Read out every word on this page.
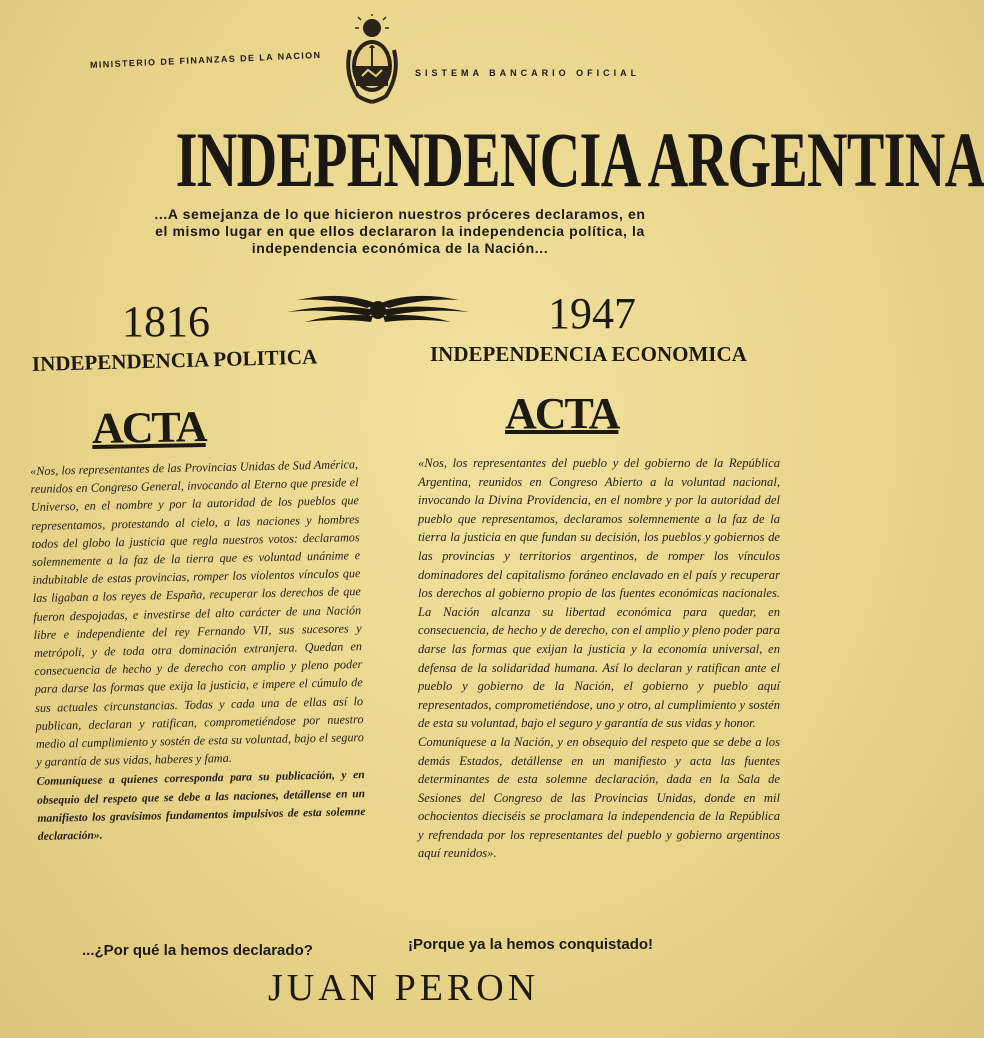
MINISTERIO DE FINANZAS DE LA NACION
SISTEMA BANCARIO OFICIAL
INDEPENDENCIA ARGENTINA
...A semejanza de lo que hicieron nuestros próceres declaramos, en
el mismo lugar en que ellos declararon la independencia política, la
independencia económica de la Nación...
1816	1947
INDEPENDENCIA POLITICA	INDEPENDENCIA ECONOMICA
ACTA	ACTA
«Nos, los representantes de las Provincias Unidas de Sud América, reunidos en Congreso General, invocando al Eterno que preside el Universo, en el nombre y por la autoridad de los pueblos que representamos, protestando al cielo, a las naciones y hombres todos del globo la justicia que regla nuestros votos: declaramos solemnemente a la faz de la tierra que es voluntad unánime e indubitable de estas provincias, romper los violentos vínculos que las ligaban a los reyes de España, recuperar los derechos de que fueron despojadas, e investirse del alto carácter de una Nación libre e independiente del rey Fernando VII, sus sucesores y metrópoli, y de toda otra dominación extranjera. Quedan en consecuencia de hecho y de derecho con amplio y pleno poder para darse las formas que exija la justicia, e impere el cúmulo de sus actuales circunstancias. Todas y cada una de ellas así lo publican, declaran y ratifican, comprometiéndose por nuestro medio al cumplimiento y sostén de esta su voluntad, bajo el seguro y garantía de sus vidas, haberes y fama.
Comuníquese a quienes corresponda para su publicación, y en obsequio del respeto que se debe a las naciones, detállense en un manifiesto los gravísimos fundamentos impulsivos de esta solemne declaración».
«Nos, los representantes del pueblo y del gobierno de la República Argentina, reunidos en Congreso Abierto a la voluntad nacional, invocando la Divina Providencia, en el nombre y por la autoridad del pueblo que representamos, declaramos solemnemente a la faz de la tierra la justicia en que fundan su decisión, los pueblos y gobiernos de las provincias y territorios argentinos, de romper los vínculos dominadores del capitalismo foráneo enclavado en el país y recuperar los derechos al gobierno propio de las fuentes económicas nacionales. La Nación alcanza su libertad económica para quedar, en consecuencia, de hecho y de derecho, con el amplio y pleno poder para darse las formas que exijan la justicia y la economía universal, en defensa de la solidaridad humana. Así lo declaran y ratifican ante el pueblo y gobierno de la Nación, el gobierno y pueblo aquí representados, comprometiéndose, uno y otro, al cumplimiento y sostén de esta su voluntad, bajo el seguro y garantía de sus vidas y honor.
Comuníquese a la Nación, y en obsequio del respeto que se debe a los demás Estados, detállense en un manifiesto y acta las fuentes determinantes de esta solemne declaración, dada en la Sala de Sesiones del Congreso de las Provincias Unidas, donde en mil ochocientos dieciséis se proclamara la independencia de la República y refrendada por los representantes del pueblo y gobierno argentinos aquí reunidos».
...¿Por qué la hemos declarado?	¡Porque ya la hemos conquistado!
JUAN PERON
